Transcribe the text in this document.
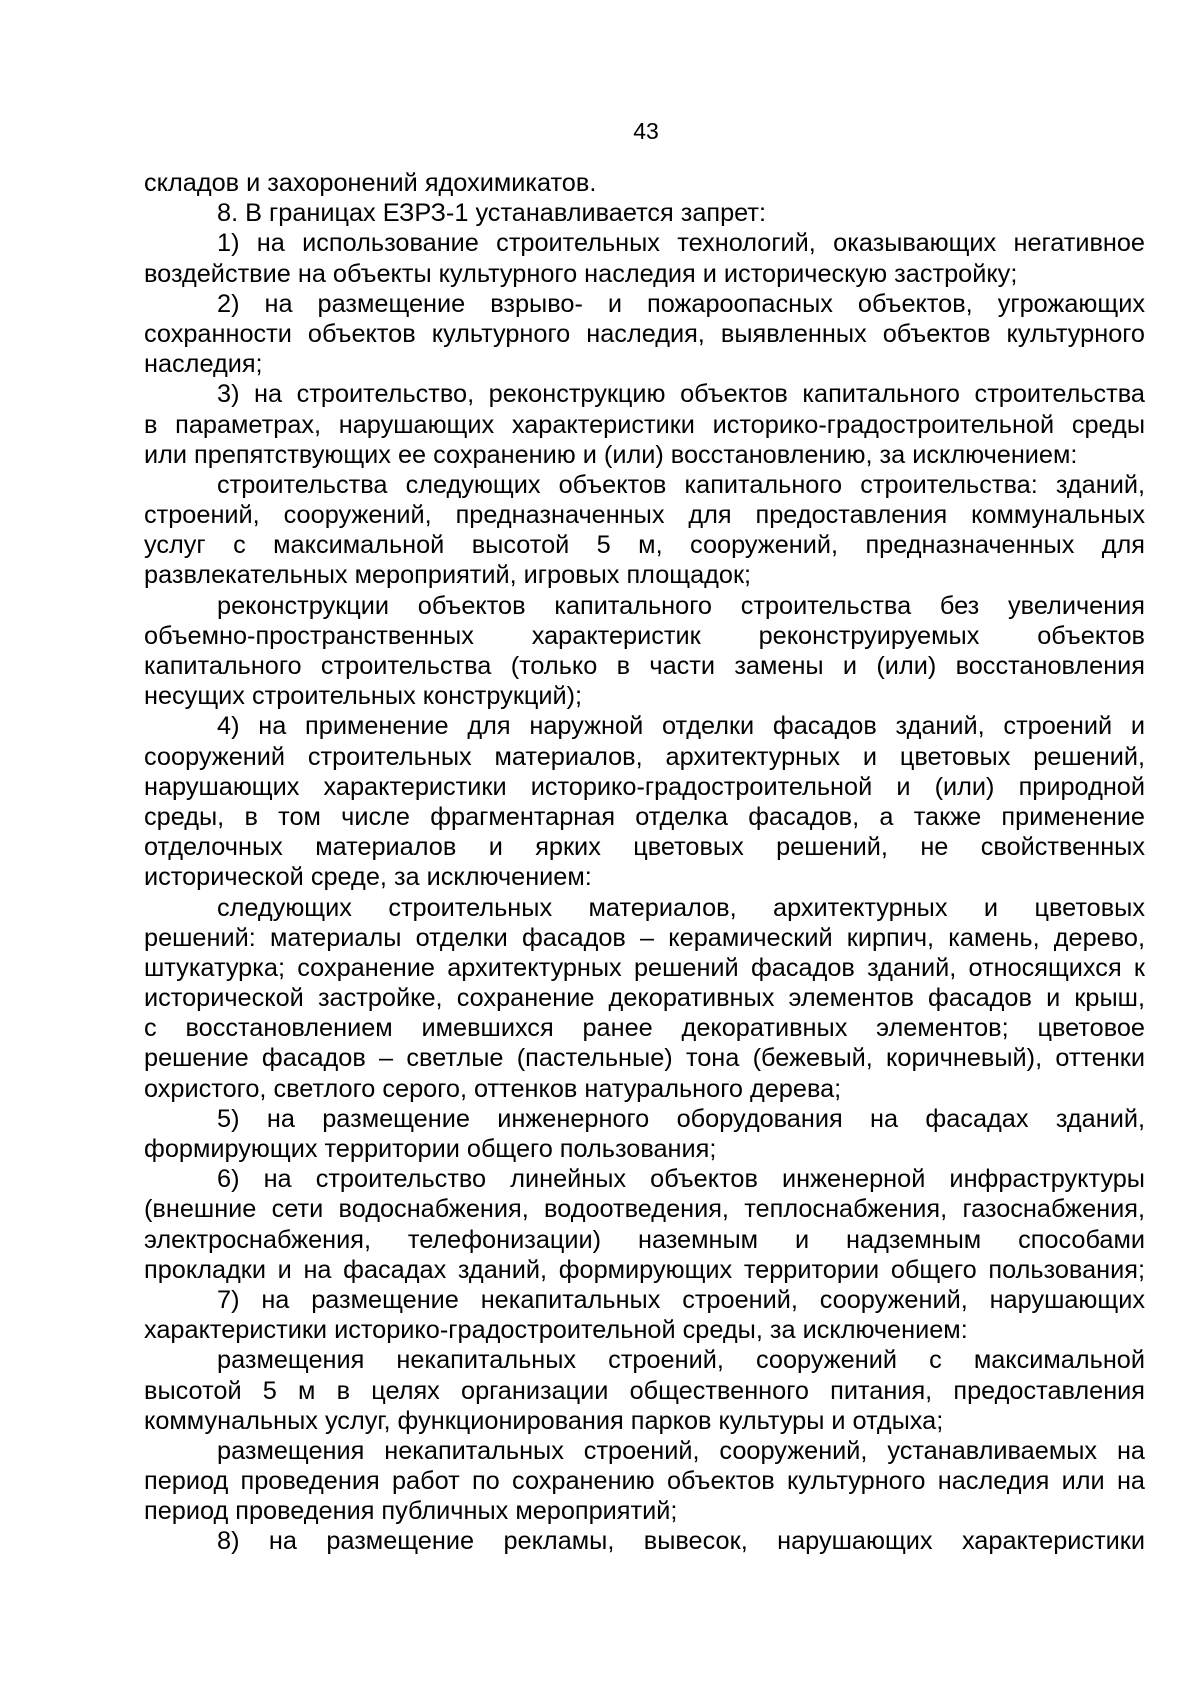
43
складов и захоронений ядохимикатов.
8. В границах ЕЗРЗ-1 устанавливается запрет:
1) на использование строительных технологий, оказывающих негативное
воздействие на объекты культурного наследия и историческую застройку;
2) на размещение взрыво- и пожароопасных объектов, угрожающих
сохранности объектов культурного наследия, выявленных объектов культурного
наследия;
3) на строительство, реконструкцию объектов капитального строительства
в параметрах, нарушающих характеристики историко-градостроительной среды
или препятствующих ее сохранению и (или) восстановлению, за исключением:
строительства следующих объектов капитального строительства: зданий,
строений, сооружений, предназначенных для предоставления коммунальных
услуг с максимальной высотой 5 м, сооружений, предназначенных для
развлекательных мероприятий, игровых площадок;
реконструкции объектов капитального строительства без увеличения
объемно-пространственных характеристик реконструируемых объектов
капитального строительства (только в части замены и (или) восстановления
несущих строительных конструкций);
4) на применение для наружной отделки фасадов зданий, строений и
сооружений строительных материалов, архитектурных и цветовых решений,
нарушающих характеристики историко-градостроительной и (или) природной
среды, в том числе фрагментарная отделка фасадов, а также применение
отделочных материалов и ярких цветовых решений, не свойственных
исторической среде, за исключением:
следующих строительных материалов, архитектурных и цветовых
решений: материалы отделки фасадов – керамический кирпич, камень, дерево,
штукатурка; сохранение архитектурных решений фасадов зданий, относящихся к
исторической застройке, сохранение декоративных элементов фасадов и крыш,
с восстановлением имевшихся ранее декоративных элементов; цветовое
решение фасадов – светлые (пастельные) тона (бежевый, коричневый), оттенки
охристого, светлого серого, оттенков натурального дерева;
5) на размещение инженерного оборудования на фасадах зданий,
формирующих территории общего пользования;
6) на строительство линейных объектов инженерной инфраструктуры
(внешние сети водоснабжения, водоотведения, теплоснабжения, газоснабжения,
электроснабжения, телефонизации) наземным и надземным способами
прокладки и на фасадах зданий, формирующих территории общего пользования;
7) на размещение некапитальных строений, сооружений, нарушающих
характеристики историко-градостроительной среды, за исключением:
размещения некапитальных строений, сооружений с максимальной
высотой 5 м в целях организации общественного питания, предоставления
коммунальных услуг, функционирования парков культуры и отдыха;
размещения некапитальных строений, сооружений, устанавливаемых на
период проведения работ по сохранению объектов культурного наследия или на
период проведения публичных мероприятий;
8) на размещение рекламы, вывесок, нарушающих характеристики
